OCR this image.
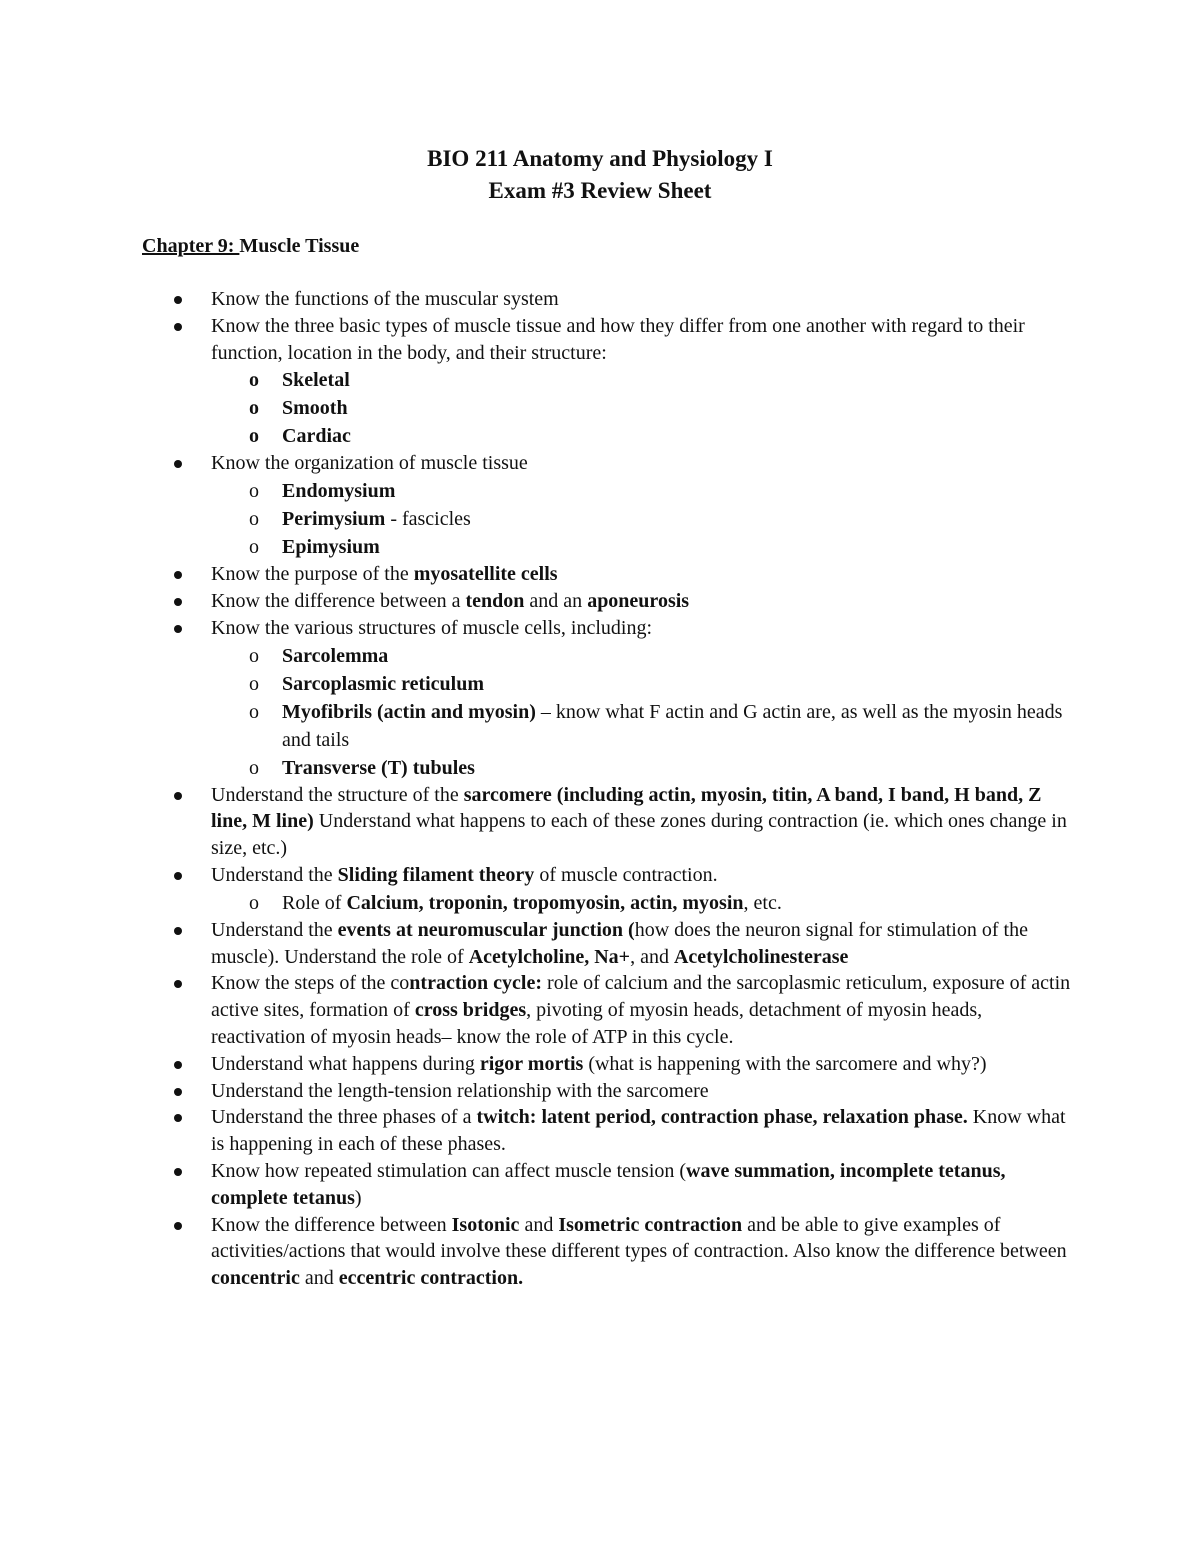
BIO 211 Anatomy and Physiology I
Exam #3 Review Sheet
Chapter 9: Muscle Tissue
Know the functions of the muscular system
Know the three basic types of muscle tissue and how they differ from one another with regard to their function, location in the body, and their structure:
o Skeletal
o Smooth
o Cardiac
Know the organization of muscle tissue
o Endomysium
o Perimysium - fascicles
o Epimysium
Know the purpose of the myosatellite cells
Know the difference between a tendon and an aponeurosis
Know the various structures of muscle cells, including:
o Sarcolemma
o Sarcoplasmic reticulum
o Myofibrils (actin and myosin) – know what F actin and G actin are, as well as the myosin heads and tails
o Transverse (T) tubules
Understand the structure of the sarcomere (including actin, myosin, titin, A band, I band, H band, Z line, M line) Understand what happens to each of these zones during contraction (ie. which ones change in size, etc.)
Understand the Sliding filament theory of muscle contraction.
o Role of Calcium, troponin, tropomyosin, actin, myosin, etc.
Understand the events at neuromuscular junction (how does the neuron signal for stimulation of the muscle). Understand the role of Acetylcholine, Na+, and Acetylcholinesterase
Know the steps of the contraction cycle: role of calcium and the sarcoplasmic reticulum, exposure of actin active sites, formation of cross bridges, pivoting of myosin heads, detachment of myosin heads, reactivation of myosin heads– know the role of ATP in this cycle.
Understand what happens during rigor mortis (what is happening with the sarcomere and why?)
Understand the length-tension relationship with the sarcomere
Understand the three phases of a twitch: latent period, contraction phase, relaxation phase. Know what is happening in each of these phases.
Know how repeated stimulation can affect muscle tension (wave summation, incomplete tetanus, complete tetanus)
Know the difference between Isotonic and Isometric contraction and be able to give examples of activities/actions that would involve these different types of contraction. Also know the difference between concentric and eccentric contraction.
